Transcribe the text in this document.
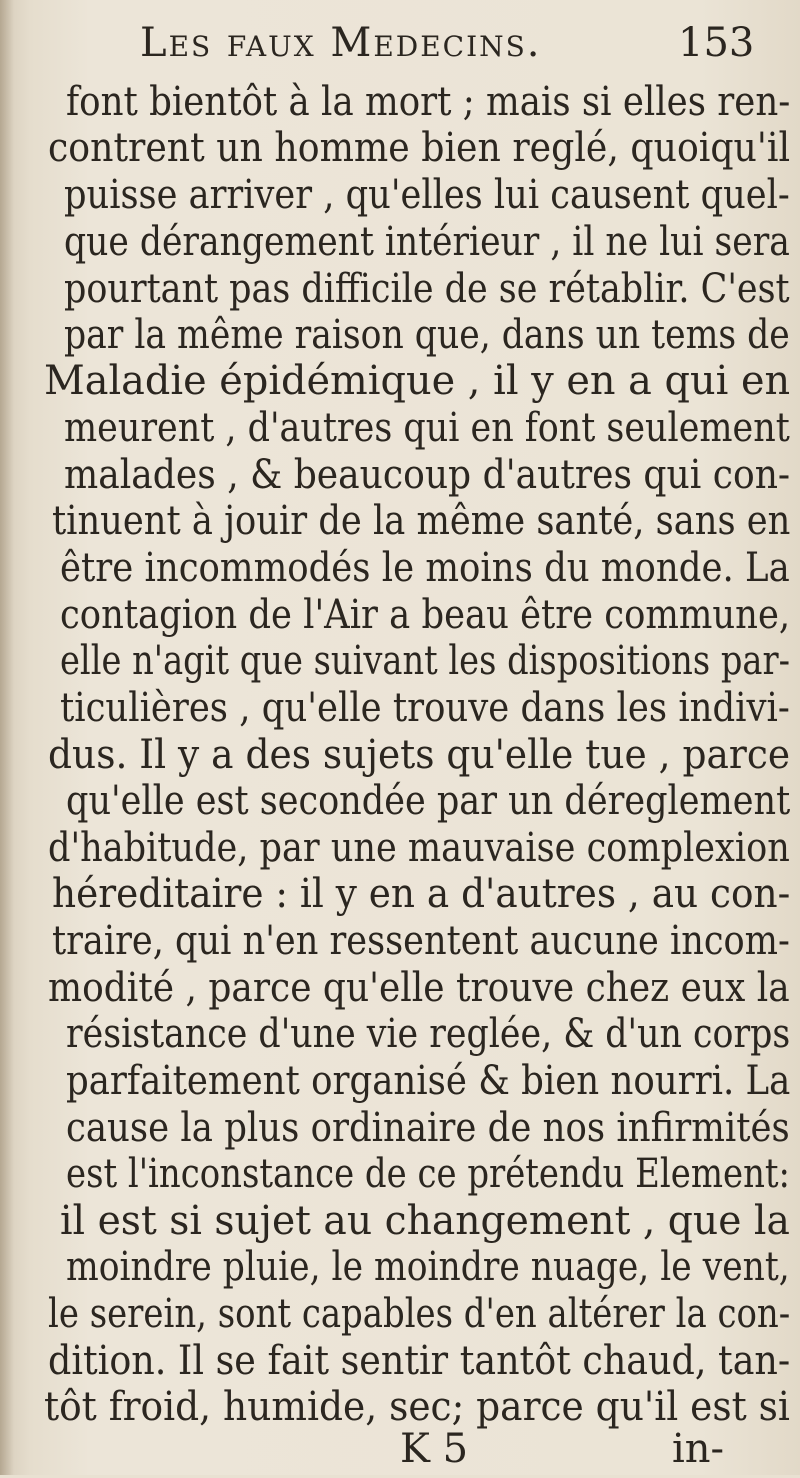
Les faux Medecins.	153
font bientôt à la mort ; mais si elles ren-
contrent un homme bien reglé, quoiqu'il
puisse arriver , qu'elles lui causent quel-
que dérangement intérieur , il ne lui sera
pourtant pas difficile de se rétablir. C'est
par la même raison que, dans un tems de
Maladie épidémique , il y en a qui en
meurent , d'autres qui en font seulement
malades , & beaucoup d'autres qui con-
tinuent à jouir de la même santé, sans en
être incommodés le moins du monde. La
contagion de l'Air a beau être commune,
elle n'agit que suivant les dispositions par-
ticulières , qu'elle trouve dans les indivi-
dus. Il y a des sujets qu'elle tue , parce
qu'elle est secondée par un déreglement
d'habitude, par une mauvaise complexion
héreditaire : il y en a d'autres , au con-
traire, qui n'en ressentent aucune incom-
modité , parce qu'elle trouve chez eux la
résistance d'une vie reglée, & d'un corps
parfaitement organisé & bien nourri. La
cause la plus ordinaire de nos infirmités
est l'inconstance de ce prétendu Element:
il est si sujet au changement , que la
moindre pluie, le moindre nuage, le vent,
le serein, sont capables d'en altérer la con-
dition. Il se fait sentir tantôt chaud, tan-
tôt froid, humide, sec; parce qu'il est si
K 5	in-
